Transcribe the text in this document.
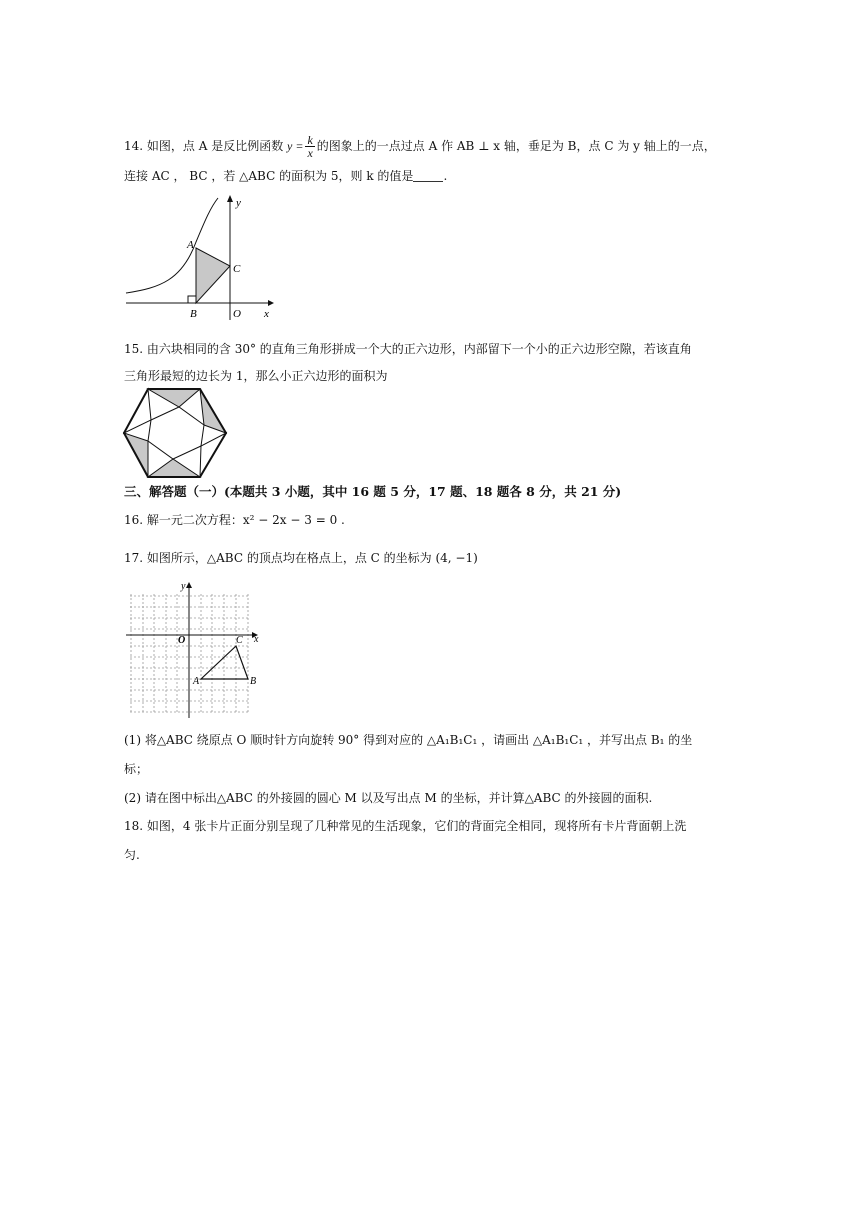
14. 如图，点 A 是反比例函数 $y = \frac{k}{x}$ 的图象上的一点过点 A 作 AB ⊥ x 轴，垂足为 B，点 C 为 y 轴上的一点，
连接 AC ， BC ，若 △ABC 的面积为 5，则 k 的值是	.
A
B
C
O x
y
15. 由六块相同的含 30° 的直角三角形拼成一个大的正六边形，内部留下一个小的正六边形空隙，若该直角
三角形最短的边长为 1，那么小正六边形的面积为
三、解答题（一）(本题共 3 小题，其中 16 题 5 分，17 题、18 题各 8 分，共 21 分)
16. 解一元二次方程：x² − 2x − 3 = 0 .
17. 如图所示，△ABC 的顶点均在格点上，点 C 的坐标为 (4, −1)
O	x
y
A	B
C
(1) 将△ABC 绕原点 O 顺时针方向旋转 90° 得到对应的 △A₁B₁C₁ ，请画出 △A₁B₁C₁ ，并写出点 B₁ 的坐
标；
(2) 请在图中标出△ABC 的外接圆的圆心 M 以及写出点 M 的坐标，并计算△ABC 的外接圆的面积.
18. 如图，4 张卡片正面分别呈现了几种常见的生活现象，它们的背面完全相同，现将所有卡片背面朝上洗
匀.
